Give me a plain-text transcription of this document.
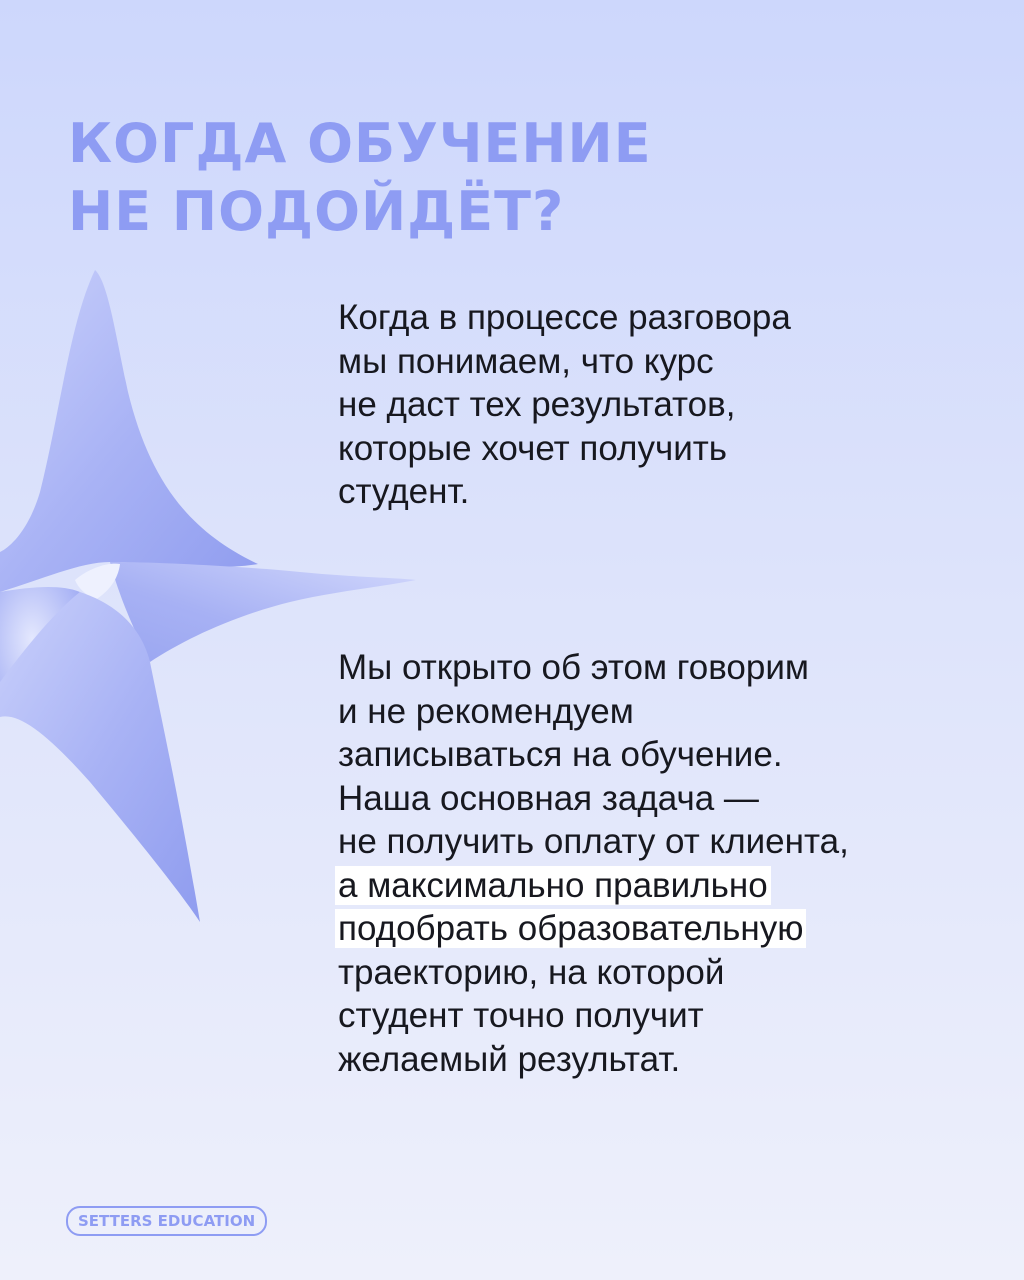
КОГДА ОБУЧЕНИЕ
НЕ ПОДОЙДЁТ?

Когда в процессе разговора
мы понимаем, что курс
не даст тех результатов,
которые хочет получить
студент.

Мы открыто об этом говорим
и не рекомендуем
записываться на обучение.
Наша основная задача —
не получить оплату от клиента,
а максимально правильно
подобрать образовательную
траекторию, на которой
студент точно получит
желаемый результат.

SETTERS EDUCATION
